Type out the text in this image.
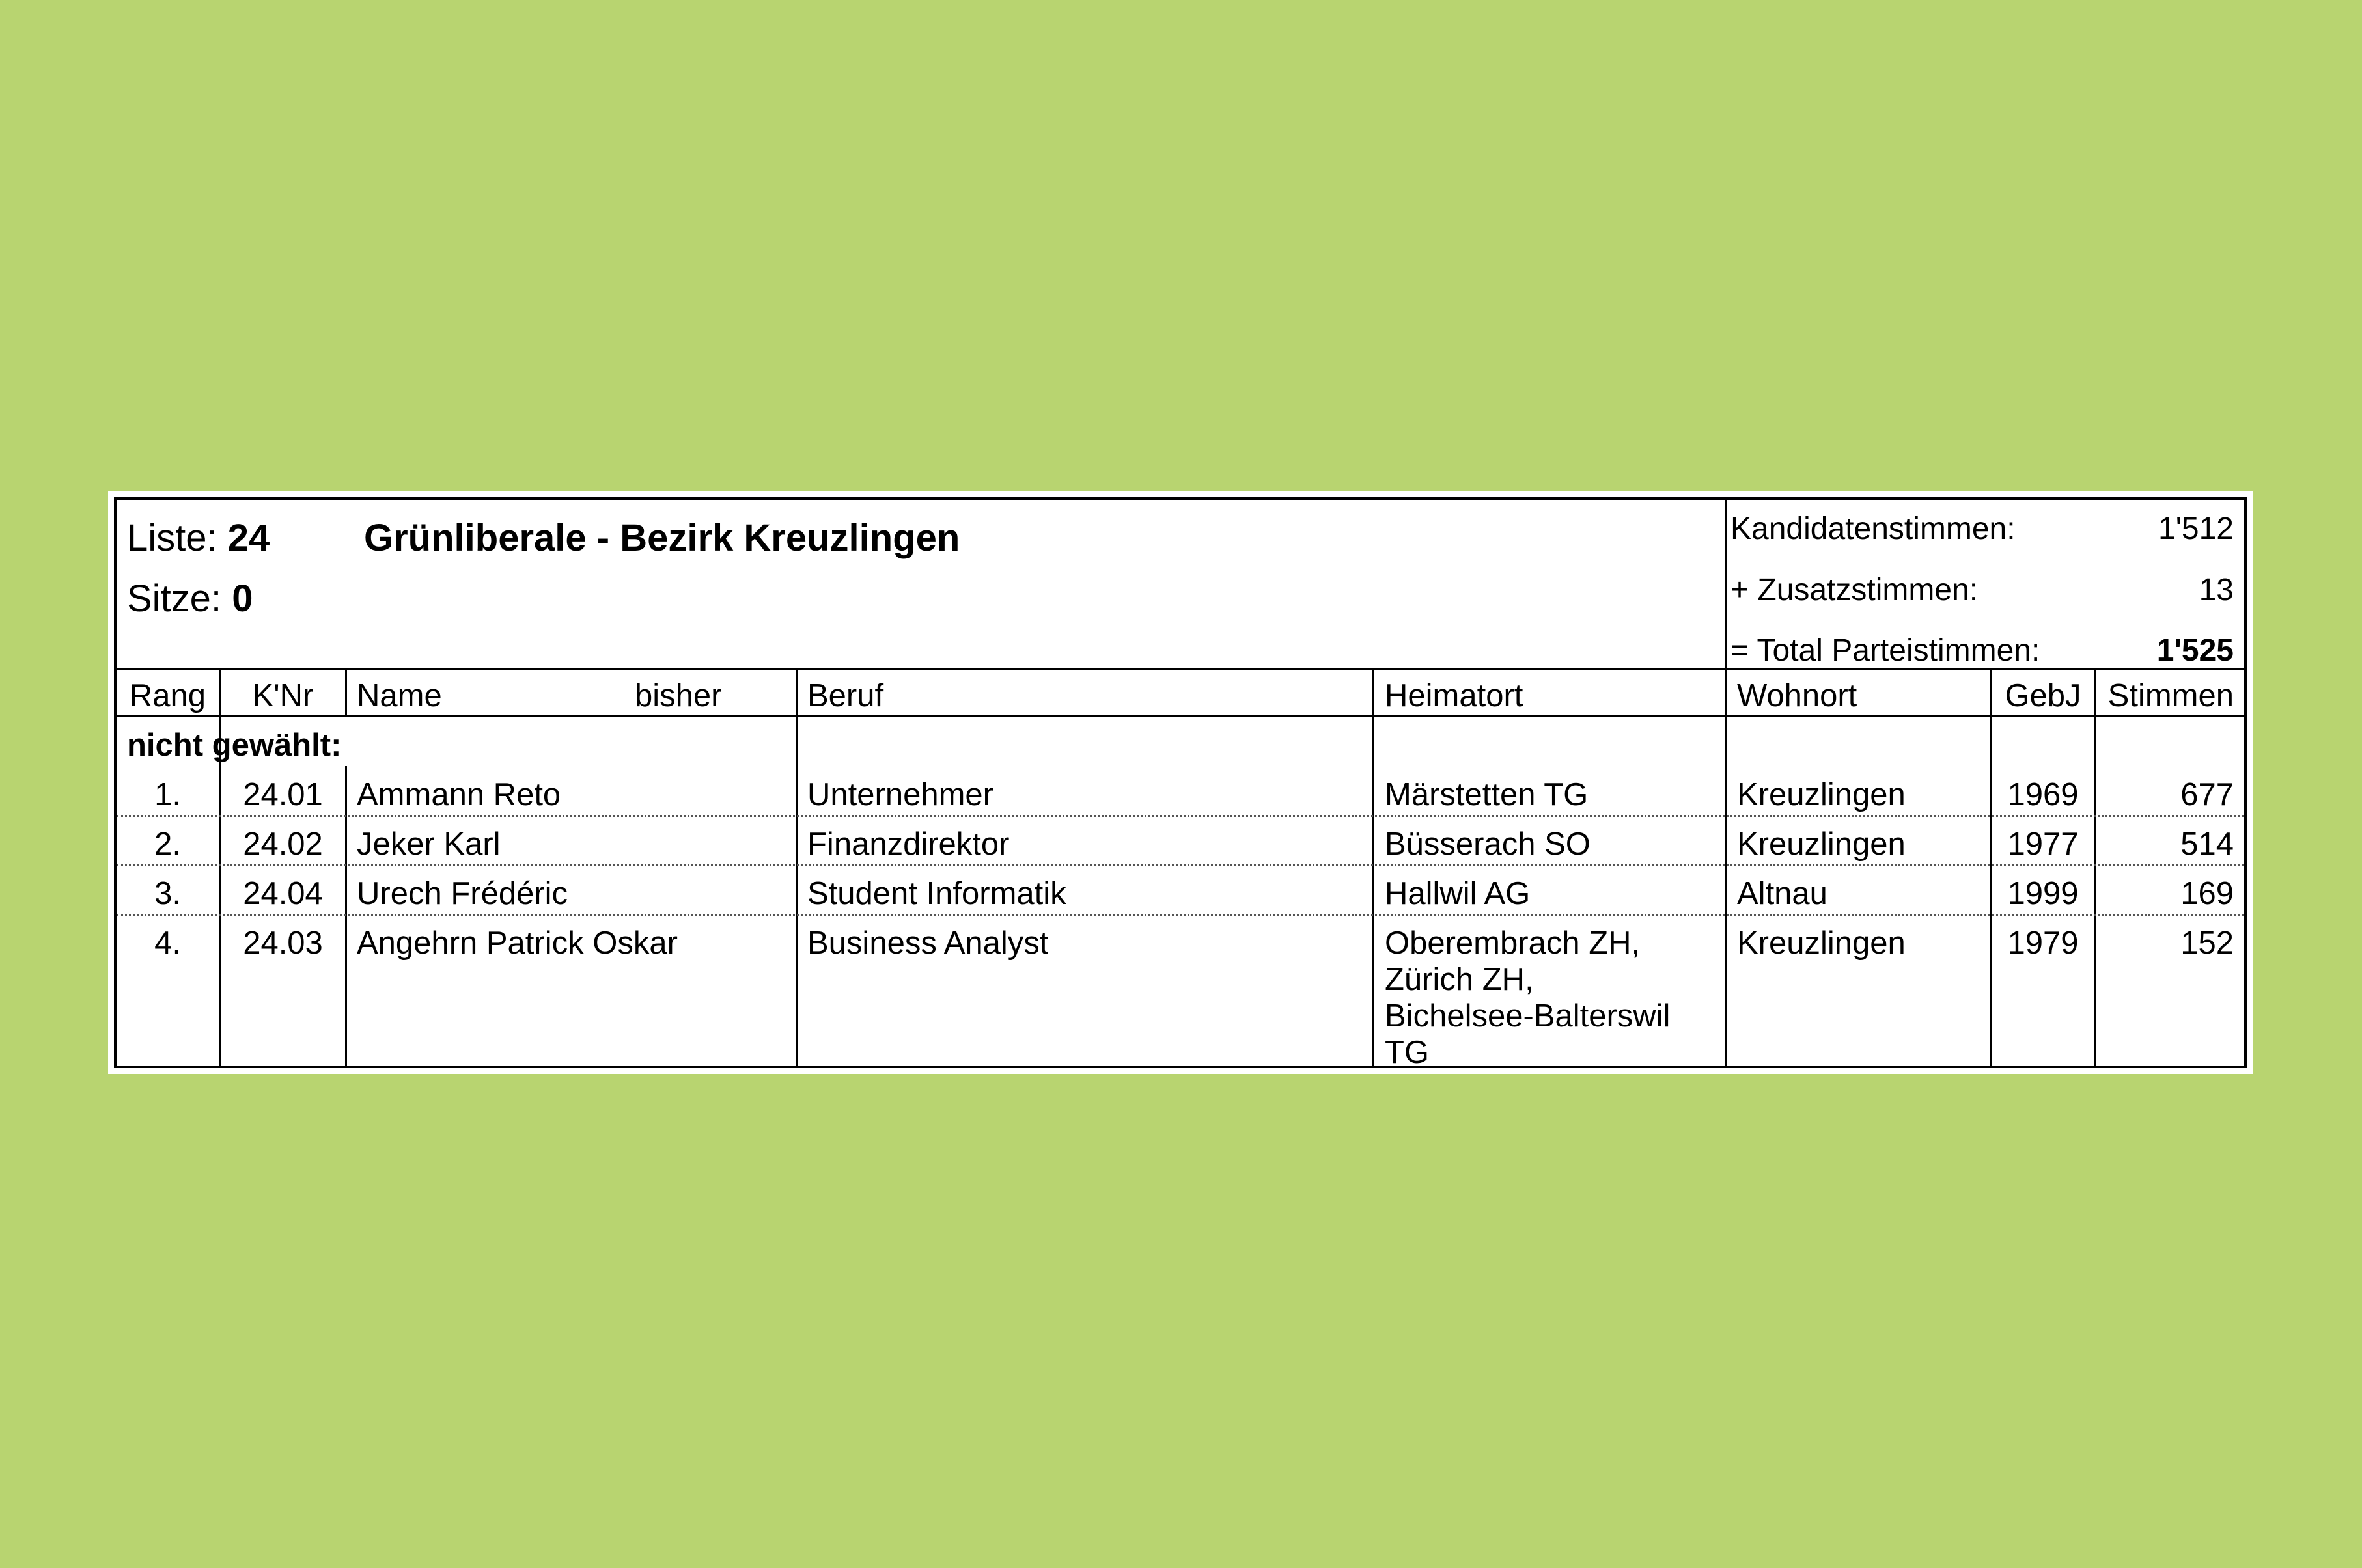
Liste: 24 Grünliberale - Bezirk Kreuzlingen
Sitze: 0
Kandidatenstimmen:	1'512
+ Zusatzstimmen:	13
= Total Parteistimmen:	1'525
Rang	K'Nr	Name	bisher	Beruf	Heimatort	Wohnort	GebJ Stimmen
nicht gewählt:
1.	24.01	Ammann Reto	Unternehmer	Märstetten TG	Kreuzlingen	1969	677
2.	24.02	Jeker Karl	Finanzdirektor	Büsserach SO	Kreuzlingen	1977	514
3.	24.04	Urech Frédéric	Student Informatik	Hallwil AG	Altnau	1999	169
4.	24.03	Angehrn Patrick Oskar	Business Analyst	Oberembrach ZH,
Zürich ZH,
Bichelsee-Balterswil
TG
Kreuzlingen	1979	152
